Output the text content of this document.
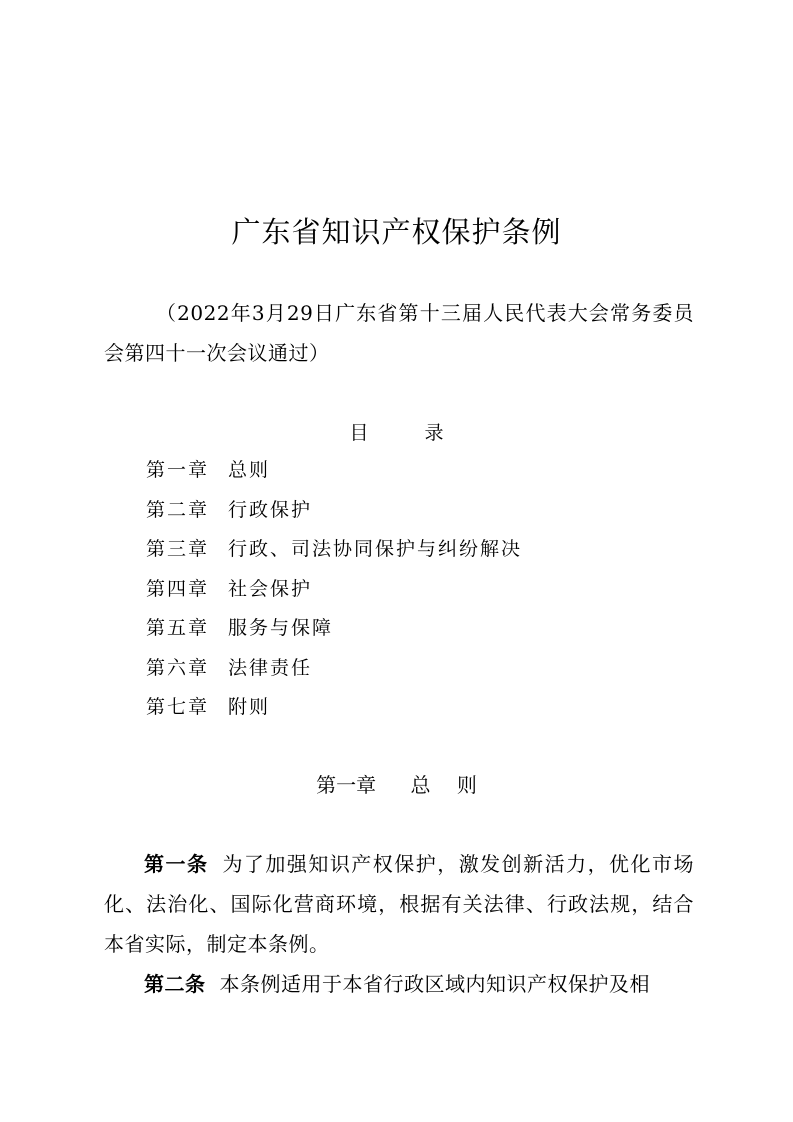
广东省知识产权保护条例
（2022年3月29日广东省第十三届人民代表大会常务委员会第四十一次会议通过）
目	录
第一章 总则
第二章 行政保护
第三章 行政、司法协同保护与纠纷解决
第四章 社会保护
第五章 服务与保障
第六章 法律责任
第七章 附则
第一章 总 则
第一条 为了加强知识产权保护，激发创新活力，优化市场化、法治化、国际化营商环境，根据有关法律、行政法规，结合本省实际，制定本条例。
第二条 本条例适用于本省行政区域内知识产权保护及相
